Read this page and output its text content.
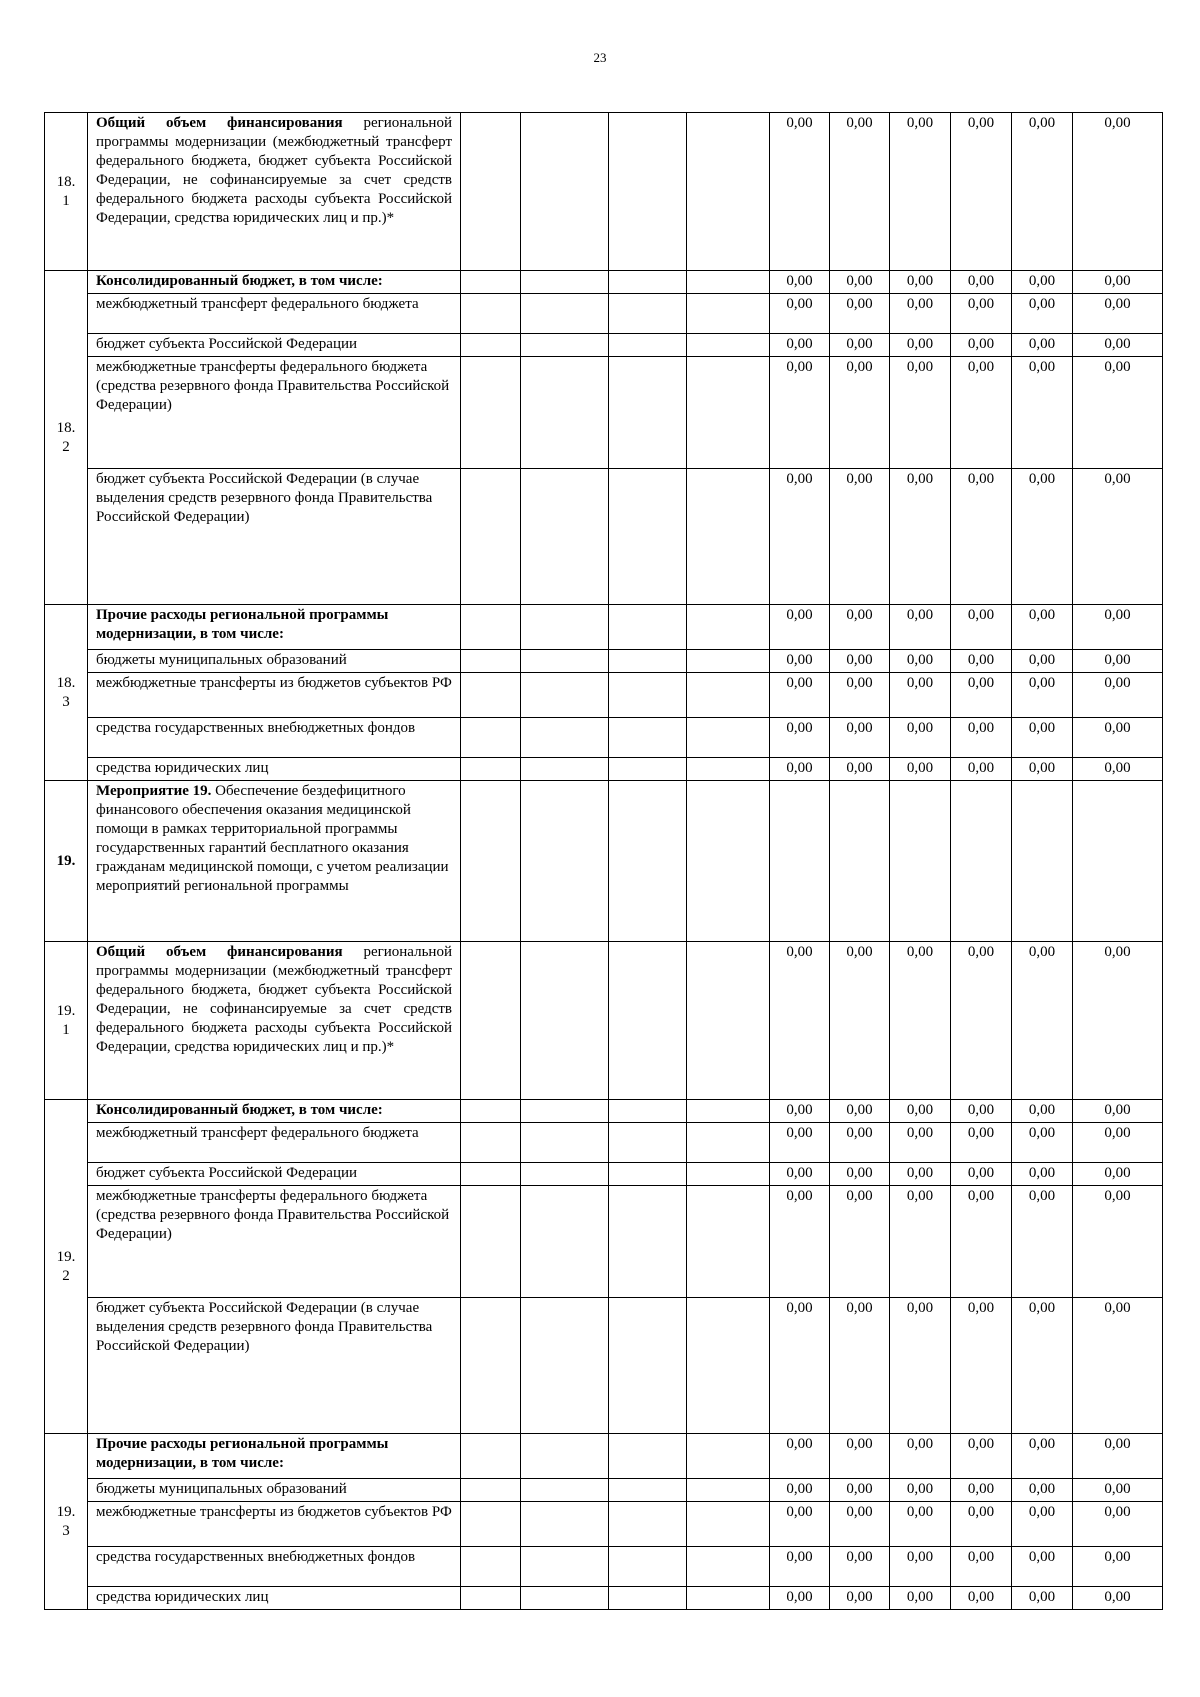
23
18.
1	Общий объем финансирования региональной программы модернизации (межбюджетный трансферт федерального бюджета, бюджет субъекта Российской Федерации, не софинансируемые за счет средств федерального бюджета расходы субъекта Российской Федерации, средства юридических лиц и пр.)*					0,00	0,00	0,00	0,00	0,00	0,00
18.
2	Консолидированный бюджет, в том числе:					0,00	0,00	0,00	0,00	0,00	0,00
	межбюджетный трансферт федерального бюджета					0,00	0,00	0,00	0,00	0,00	0,00
	бюджет субъекта Российской Федерации					0,00	0,00	0,00	0,00	0,00	0,00
	межбюджетные трансферты федерального бюджета (средства резервного фонда Правительства Российской Федерации)					0,00	0,00	0,00	0,00	0,00	0,00
	бюджет субъекта Российской Федерации (в случае выделения средств резервного фонда Правительства Российской Федерации)					0,00	0,00	0,00	0,00	0,00	0,00
18.
3	Прочие расходы региональной программы модернизации, в том числе:					0,00	0,00	0,00	0,00	0,00	0,00
	бюджеты муниципальных образований					0,00	0,00	0,00	0,00	0,00	0,00
	межбюджетные трансферты из бюджетов субъектов РФ					0,00	0,00	0,00	0,00	0,00	0,00
	средства государственных внебюджетных фондов					0,00	0,00	0,00	0,00	0,00	0,00
	средства юридических лиц					0,00	0,00	0,00	0,00	0,00	0,00
19.	Мероприятие 19. Обеспечение бездефицитного финансового обеспечения оказания медицинской помощи в рамках территориальной программы государственных гарантий бесплатного оказания гражданам медицинской помощи, с учетом реализации мероприятий региональной программы										
19.
1	Общий объем финансирования региональной программы модернизации (межбюджетный трансферт федерального бюджета, бюджет субъекта Российской Федерации, не софинансируемые за счет средств федерального бюджета расходы субъекта Российской Федерации, средства юридических лиц и пр.)*					0,00	0,00	0,00	0,00	0,00	0,00
19.
2	Консолидированный бюджет, в том числе:					0,00	0,00	0,00	0,00	0,00	0,00
	межбюджетный трансферт федерального бюджета					0,00	0,00	0,00	0,00	0,00	0,00
	бюджет субъекта Российской Федерации					0,00	0,00	0,00	0,00	0,00	0,00
	межбюджетные трансферты федерального бюджета (средства резервного фонда Правительства Российской Федерации)					0,00	0,00	0,00	0,00	0,00	0,00
	бюджет субъекта Российской Федерации (в случае выделения средств резервного фонда Правительства Российской Федерации)					0,00	0,00	0,00	0,00	0,00	0,00
19.
3	Прочие расходы региональной программы модернизации, в том числе:					0,00	0,00	0,00	0,00	0,00	0,00
	бюджеты муниципальных образований					0,00	0,00	0,00	0,00	0,00	0,00
	межбюджетные трансферты из бюджетов субъектов РФ					0,00	0,00	0,00	0,00	0,00	0,00
	средства государственных внебюджетных фондов					0,00	0,00	0,00	0,00	0,00	0,00
	средства юридических лиц					0,00	0,00	0,00	0,00	0,00	0,00
